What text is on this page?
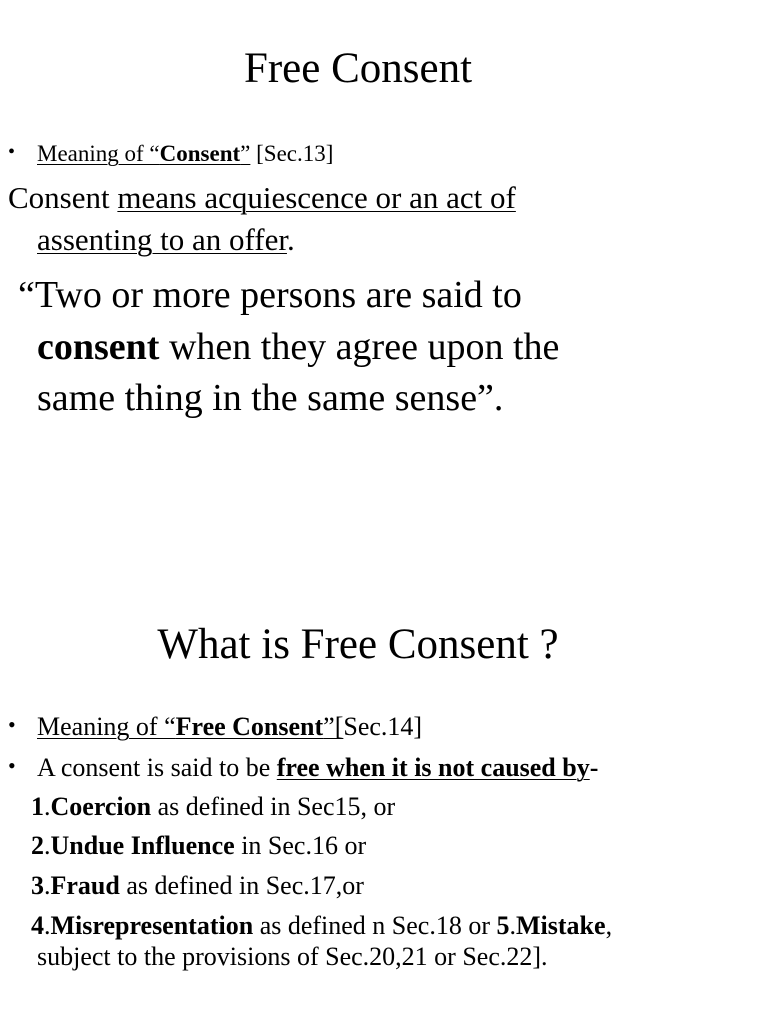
Free Consent
• Meaning of “Consent” [Sec.13]
Consent means acquiescence or an act of
assenting to an offer.
“Two or more persons are said to
consent when they agree upon the
same thing in the same sense”.
What is Free Consent ?
• Meaning of “Free Consent”[Sec.14]
• A consent is said to be free when it is not caused by-
1.Coercion as defined in Sec15, or
2.Undue Influence in Sec.16 or
3.Fraud as defined in Sec.17,or
4.Misrepresentation as defined n Sec.18 or 5.Mistake,
subject to the provisions of Sec.20,21 or Sec.22].
